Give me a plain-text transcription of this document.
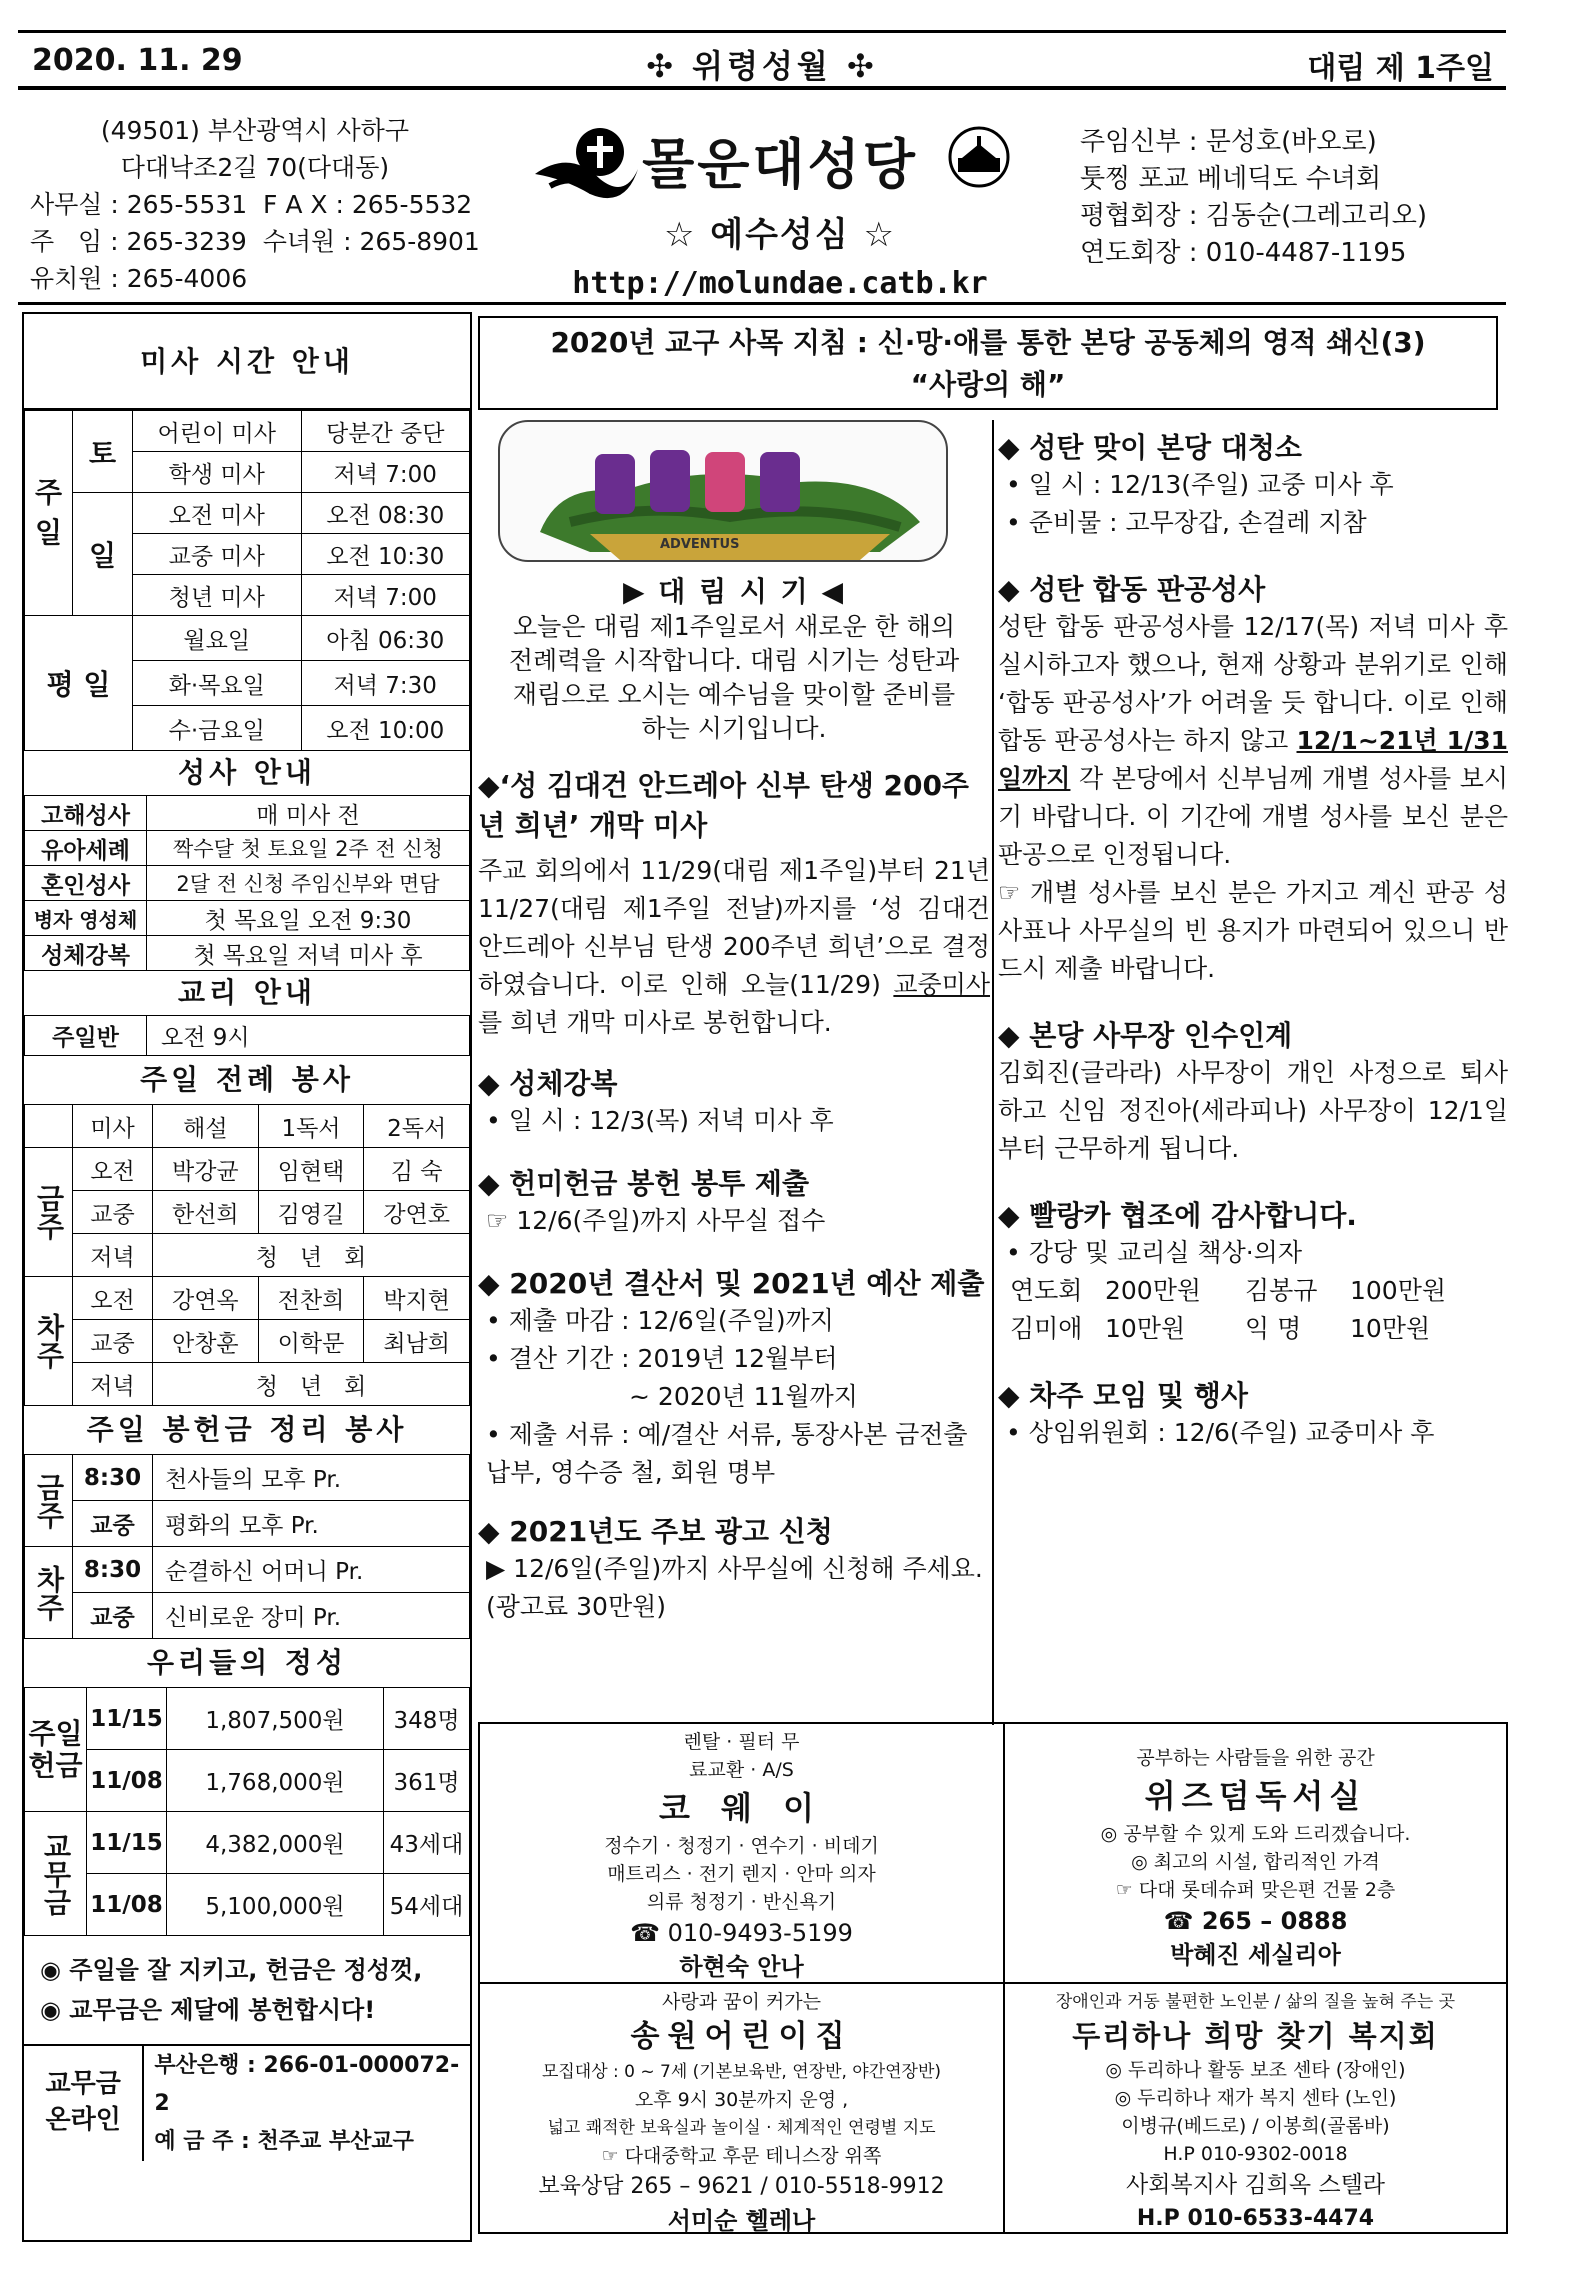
✣ 위령성월 ✣
2020. 11. 29	대림 제 1주일
(49501) 부산광역시 사하구
다대낙조2길 70(다대동)
사무실 : 265-5531  F A X : 265-5532
주   임 : 265-3239  수녀원 : 265-8901
유치원 : 265-4006
몰운대성당
☆ 예수성심 ☆
http://molundae.catb.kr
주임신부 : 문성호(바오로)
툿찡 포교 베네딕도 수녀회
평협회장 : 김동순(그레고리오)
연도회장 : 010-4487-1195
미사 시간 안내
주일	토	어린이 미사	당분간 중단
		학생 미사	저녁 7:00
	일	오전 미사	오전 08:30
		교중 미사	오전 10:30
		청년 미사	저녁 7:00
평 일		월요일	아침 06:30
		화·목요일	저녁 7:30
		수·금요일	오전 10:00
성사 안내
고해성사	매 미사 전
유아세례	짝수달 첫 토요일 2주 전 신청
혼인성사	2달 전 신청 주임신부와 면담
병자 영성체	첫 목요일 오전 9:30
성체강복	첫 목요일 저녁 미사 후
교리 안내
주일반	오전 9시
주일 전례 봉사
	미사	해설	1독서	2독서
금주	오전	박강균	임현택	김 숙
	교중	한선희	김영길	강연호
	저녁	청   년   회		
차주	오전	강연옥	전찬희	박지현
	교중	안창훈	이학문	최남희
	저녁	청   년   회		
주일 봉헌금 정리 봉사
금주	8:30	천사들의 모후 Pr.
	교중	평화의 모후 Pr.
차주	8:30	순결하신 어머니 Pr.
	교중	신비로운 장미 Pr.
우리들의 정성
주일
헌금	11/15	1,807,500원	348명
	11/08	1,768,000원	361명
교무금	11/15	4,382,000원	43세대
	11/08	5,100,000원	54세대
◉ 주일을 잘 지키고, 헌금은 정성껏,
◉ 교무금은 제달에 봉헌합시다!
교무금
온라인
부산은행 : 266-01-000072-2
예 금 주 : 천주교 부산교구
2020년 교구 사목 지침 : 신·망·애를 통한 본당 공동체의 영적 쇄신(3)
“사랑의 해”
ADVENTUS
▶ 대 림 시 기 ◀
오늘은 대림 제1주일로서 새로운 한 해의 전례력을 시작합니다. 대림 시기는 성탄과 재림으로 오시는 예수님을 맞이할 준비를 하는 시기입니다.
◆‘성 김대건 안드레아 신부 탄생 200주년 희년’ 개막 미사
주교 회의에서 11/29(대림 제1주일)부터 21년 11/27(대림 제1주일 전날)까지를 ‘성 김대건 안드레아 신부님 탄생 200주년 희년’으로 결정하였습니다. 이로 인해 오늘(11/29) 교중미사를 희년 개막 미사로 봉헌합니다.
◆ 성체강복
• 일 시 : 12/3(목) 저녁 미사 후
◆ 헌미헌금 봉헌 봉투 제출
☞ 12/6(주일)까지 사무실 접수
◆ 2020년 결산서 및 2021년 예산 제출
• 제출 마감 : 12/6일(주일)까지
• 결산 기간 : 2019년 12월부터
~ 2020년 11월까지
• 제출 서류 : 예/결산 서류, 통장사본 금전출납부, 영수증 철, 회원 명부
◆ 2021년도 주보 광고 신청
▶ 12/6일(주일)까지 사무실에 신청해 주세요. (광고료 30만원)
◆ 성탄 맞이 본당 대청소
• 일 시 : 12/13(주일) 교중 미사 후
• 준비물 : 고무장갑, 손걸레 지참
◆ 성탄 합동 판공성사
성탄 합동 판공성사를 12/17(목) 저녁 미사 후 실시하고자 했으나, 현재 상황과 분위기로 인해 ‘합동 판공성사’가 어려울 듯 합니다. 이로 인해 합동 판공성사는 하지 않고 12/1~21년 1/31일까지 각 본당에서 신부님께 개별 성사를 보시기 바랍니다. 이 기간에 개별 성사를 보신 분은 판공으로 인정됩니다.
☞ 개별 성사를 보신 분은 가지고 계신 판공 성사표나 사무실의 빈 용지가 마련되어 있으니 반드시 제출 바랍니다.
◆ 본당 사무장 인수인계
김회진(글라라) 사무장이 개인 사정으로 퇴사하고 신임 정진아(세라피나) 사무장이 12/1일부터 근무하게 됩니다.
◆ 빨랑카 협조에 감사합니다.
• 강당 및 교리실 책상·의자
연도회 200만원	김봉규	100만원
김미애 10만원	익 명	10만원
◆ 차주 모임 및 행사
• 상임위원회 : 12/6(주일) 교중미사 후
렌탈 · 필터 무
료교환 · A/S
코 웨 이
정수기 · 청정기 · 연수기 · 비데기
매트리스 · 전기 렌지 · 안마 의자
의류 청정기 · 반신욕기
☎ 010-9493-5199
하현숙 안나
공부하는 사람들을 위한 공간
위즈덤독서실
◎ 공부할 수 있게 도와 드리겠습니다.
◎ 최고의 시설, 합리적인 가격
☞ 다대 롯데슈퍼 맞은편 건물 2층
☎ 265 – 0888
박혜진 세실리아
사랑과 꿈이 커가는
송원어린이집
모집대상 : 0 ~ 7세 (기본보육반, 연장반, 야간연장반)
오후 9시 30분까지 운영 ,
넓고 쾌적한 보육실과 놀이실 · 체계적인 연령별 지도
☞ 다대중학교 후문 테니스장 위쪽
보육상담 265 – 9621 / 010-5518-9912
서미순 헬레나
장애인과 거동 불편한 노인분 / 삶의 질을 높혀 주는 곳
두리하나 희망 찾기 복지회
◎ 두리하나 활동 보조 센타 (장애인)
◎ 두리하나 재가 복지 센타 (노인)
이병규(베드로) / 이봉희(골롬바)
H.P 010-9302-0018
사회복지사 김희옥 스텔라
H.P 010-6533-4474
